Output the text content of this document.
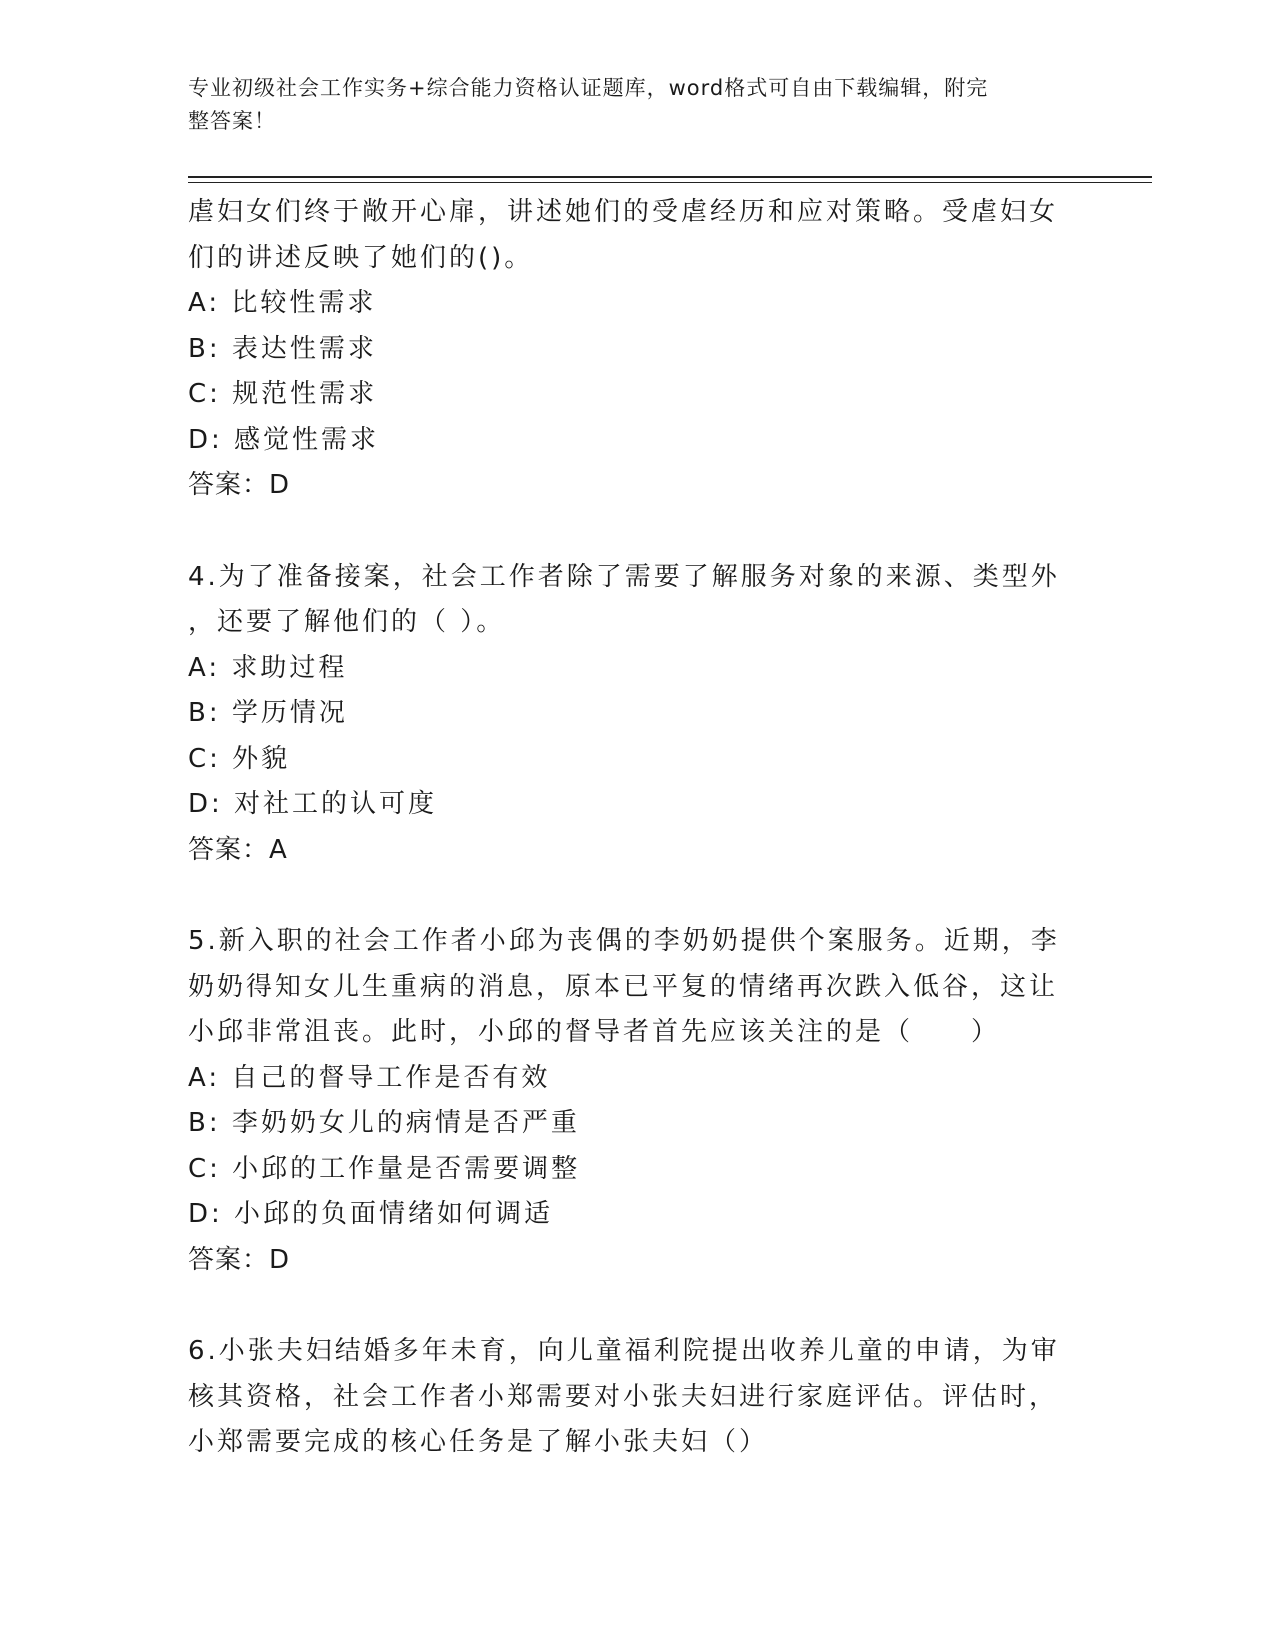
专业初级社会工作实务+综合能力资格认证题库，word格式可自由下载编辑，附完
整答案！
虐妇女们终于敞开心扉，讲述她们的受虐经历和应对策略。受虐妇女
们的讲述反映了她们的()。
A: 比较性需求
B: 表达性需求
C: 规范性需求
D: 感觉性需求
答案：D
4.为了准备接案，社会工作者除了需要了解服务对象的来源、类型外
，还要了解他们的（ ）。
A: 求助过程
B: 学历情况
C: 外貌
D: 对社工的认可度
答案：A
5.新入职的社会工作者小邱为丧偶的李奶奶提供个案服务。近期，李
奶奶得知女儿生重病的消息，原本已平复的情绪再次跌入低谷，这让
小邱非常沮丧。此时，小邱的督导者首先应该关注的是（　　）
A: 自己的督导工作是否有效
B: 李奶奶女儿的病情是否严重
C: 小邱的工作量是否需要调整
D: 小邱的负面情绪如何调适
答案：D
6.小张夫妇结婚多年未育，向儿童福利院提出收养儿童的申请，为审
核其资格，社会工作者小郑需要对小张夫妇进行家庭评估。评估时，
小郑需要完成的核心任务是了解小张夫妇（）
